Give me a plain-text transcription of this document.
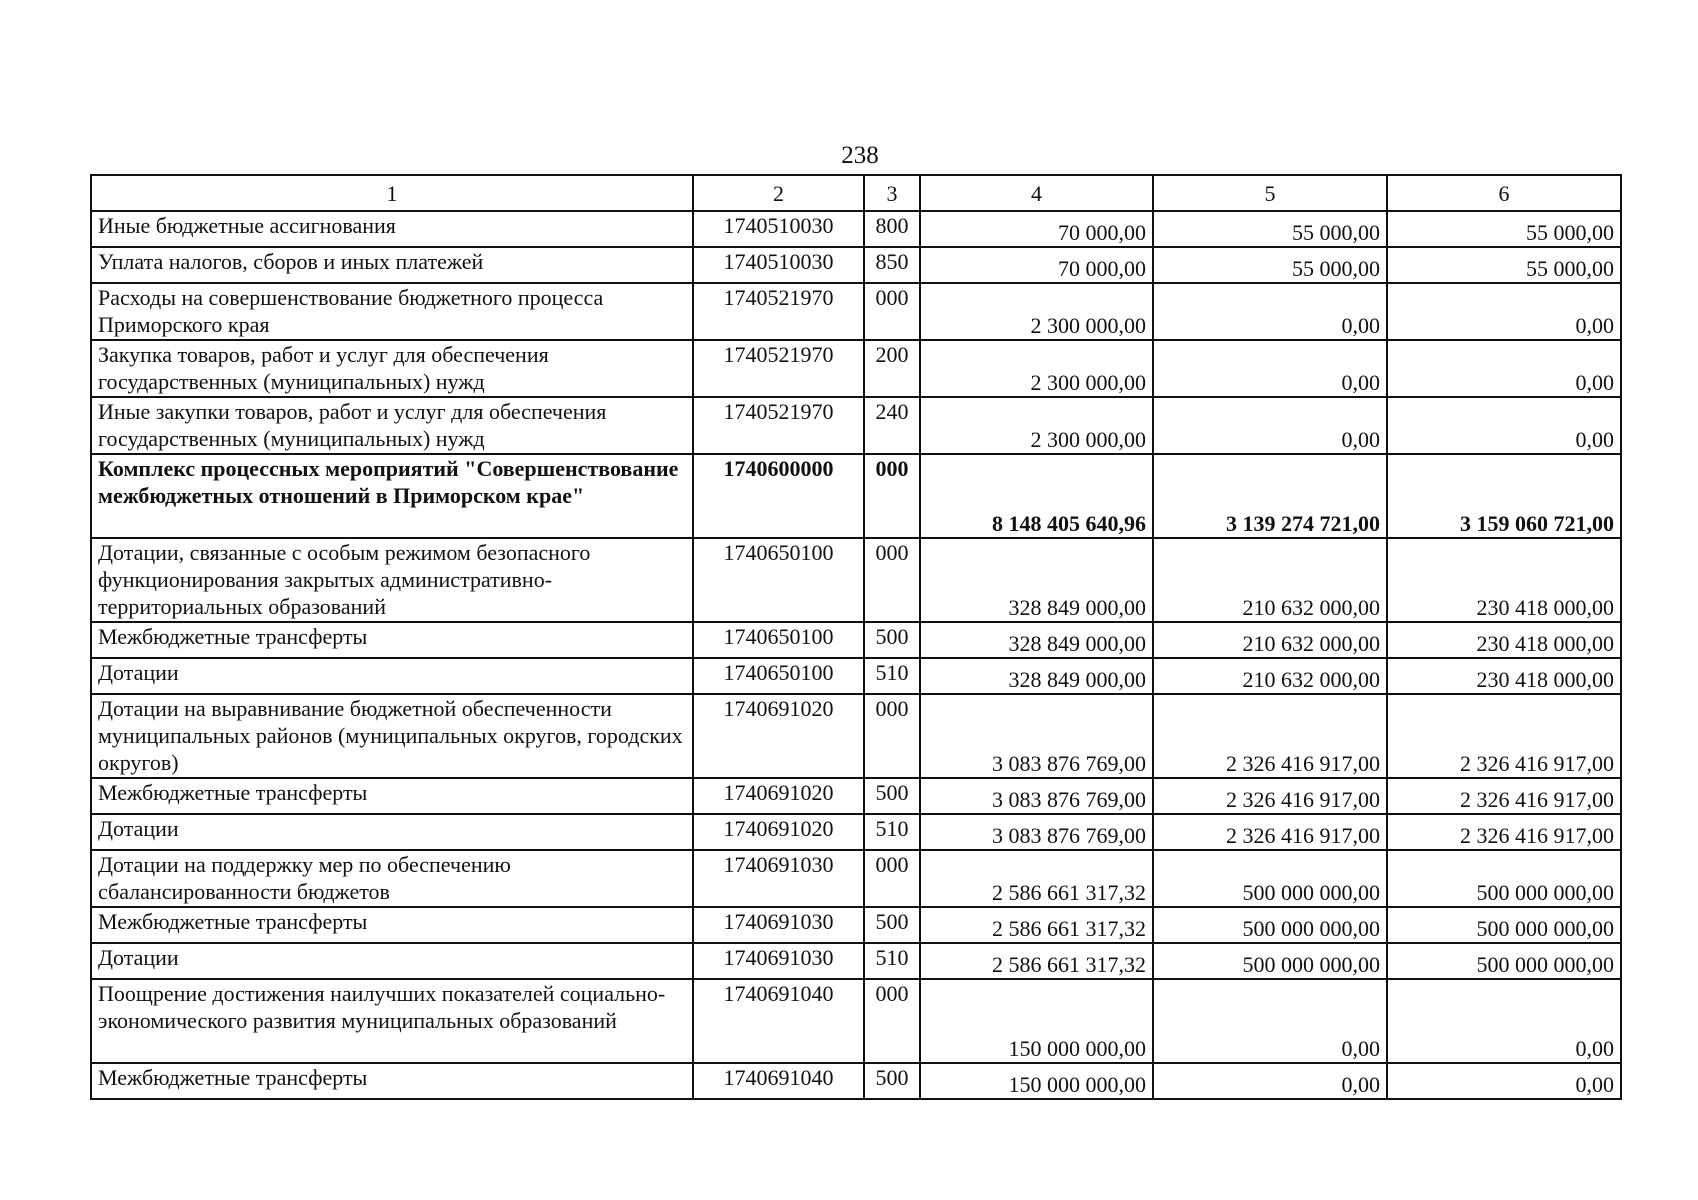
238
1	2	3	4	5	6
Иные бюджетные ассигнования	1740510030	800	70 000,00	55 000,00	55 000,00
Уплата налогов, сборов и иных платежей	1740510030	850	70 000,00	55 000,00	55 000,00
Расходы на совершенствование бюджетного процесса Приморского края	1740521970	000	2 300 000,00	0,00	0,00
Закупка товаров, работ и услуг для обеспечения государственных (муниципальных) нужд	1740521970	200	2 300 000,00	0,00	0,00
Иные закупки товаров, работ и услуг для обеспечения государственных (муниципальных) нужд	1740521970	240	2 300 000,00	0,00	0,00
Комплекс процессных мероприятий "Совершенствование межбюджетных отношений в Приморском крае"	1740600000	000	8 148 405 640,96	3 139 274 721,00	3 159 060 721,00
Дотации, связанные с особым режимом безопасного функционирования закрытых административно-территориальных образований	1740650100	000	328 849 000,00	210 632 000,00	230 418 000,00
Межбюджетные трансферты	1740650100	500	328 849 000,00	210 632 000,00	230 418 000,00
Дотации	1740650100	510	328 849 000,00	210 632 000,00	230 418 000,00
Дотации на выравнивание бюджетной обеспеченности муниципальных районов (муниципальных округов, городских округов)	1740691020	000	3 083 876 769,00	2 326 416 917,00	2 326 416 917,00
Межбюджетные трансферты	1740691020	500	3 083 876 769,00	2 326 416 917,00	2 326 416 917,00
Дотации	1740691020	510	3 083 876 769,00	2 326 416 917,00	2 326 416 917,00
Дотации на поддержку мер по обеспечению сбалансированности бюджетов	1740691030	000	2 586 661 317,32	500 000 000,00	500 000 000,00
Межбюджетные трансферты	1740691030	500	2 586 661 317,32	500 000 000,00	500 000 000,00
Дотации	1740691030	510	2 586 661 317,32	500 000 000,00	500 000 000,00
Поощрение достижения наилучших показателей социально-экономического развития муниципальных образований	1740691040	000	150 000 000,00	0,00	0,00
Межбюджетные трансферты	1740691040	500	150 000 000,00	0,00	0,00
